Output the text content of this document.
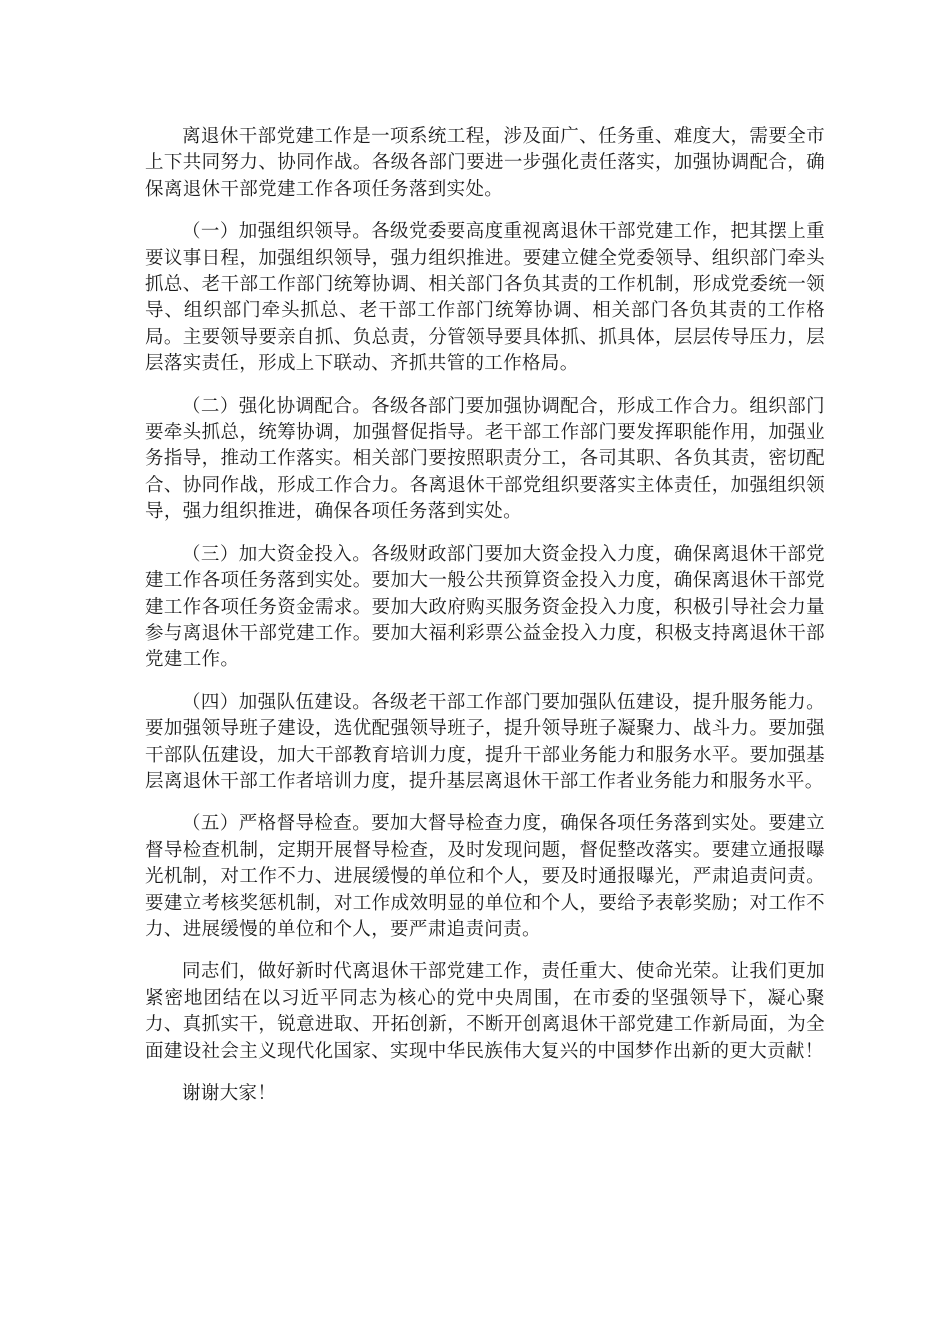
离退休干部党建工作是一项系统工程，涉及面广、任务重、难度大，需要全市上下共同努力、协同作战。各级各部门要进一步强化责任落实，加强协调配合，确保离退休干部党建工作各项任务落到实处。

（一）加强组织领导。各级党委要高度重视离退休干部党建工作，把其摆上重要议事日程，加强组织领导，强力组织推进。要建立健全党委领导、组织部门牵头抓总、老干部工作部门统筹协调、相关部门各负其责的工作机制，形成党委统一领导、组织部门牵头抓总、老干部工作部门统筹协调、相关部门各负其责的工作格局。主要领导要亲自抓、负总责，分管领导要具体抓、抓具体，层层传导压力，层层落实责任，形成上下联动、齐抓共管的工作格局。

（二）强化协调配合。各级各部门要加强协调配合，形成工作合力。组织部门要牵头抓总，统筹协调，加强督促指导。老干部工作部门要发挥职能作用，加强业务指导，推动工作落实。相关部门要按照职责分工，各司其职、各负其责，密切配合、协同作战，形成工作合力。各离退休干部党组织要落实主体责任，加强组织领导，强力组织推进，确保各项任务落到实处。

（三）加大资金投入。各级财政部门要加大资金投入力度，确保离退休干部党建工作各项任务落到实处。要加大一般公共预算资金投入力度，确保离退休干部党建工作各项任务资金需求。要加大政府购买服务资金投入力度，积极引导社会力量参与离退休干部党建工作。要加大福利彩票公益金投入力度，积极支持离退休干部党建工作。

（四）加强队伍建设。各级老干部工作部门要加强队伍建设，提升服务能力。要加强领导班子建设，选优配强领导班子，提升领导班子凝聚力、战斗力。要加强干部队伍建设，加大干部教育培训力度，提升干部业务能力和服务水平。要加强基层离退休干部工作者培训力度，提升基层离退休干部工作者业务能力和服务水平。

（五）严格督导检查。要加大督导检查力度，确保各项任务落到实处。要建立督导检查机制，定期开展督导检查，及时发现问题，督促整改落实。要建立通报曝光机制，对工作不力、进展缓慢的单位和个人，要及时通报曝光，严肃追责问责。要建立考核奖惩机制，对工作成效明显的单位和个人，要给予表彰奖励；对工作不力、进展缓慢的单位和个人，要严肃追责问责。

同志们，做好新时代离退休干部党建工作，责任重大、使命光荣。让我们更加紧密地团结在以习近平同志为核心的党中央周围，在市委的坚强领导下，凝心聚力、真抓实干，锐意进取、开拓创新，不断开创离退休干部党建工作新局面，为全面建设社会主义现代化国家、实现中华民族伟大复兴的中国梦作出新的更大贡献！

谢谢大家！
